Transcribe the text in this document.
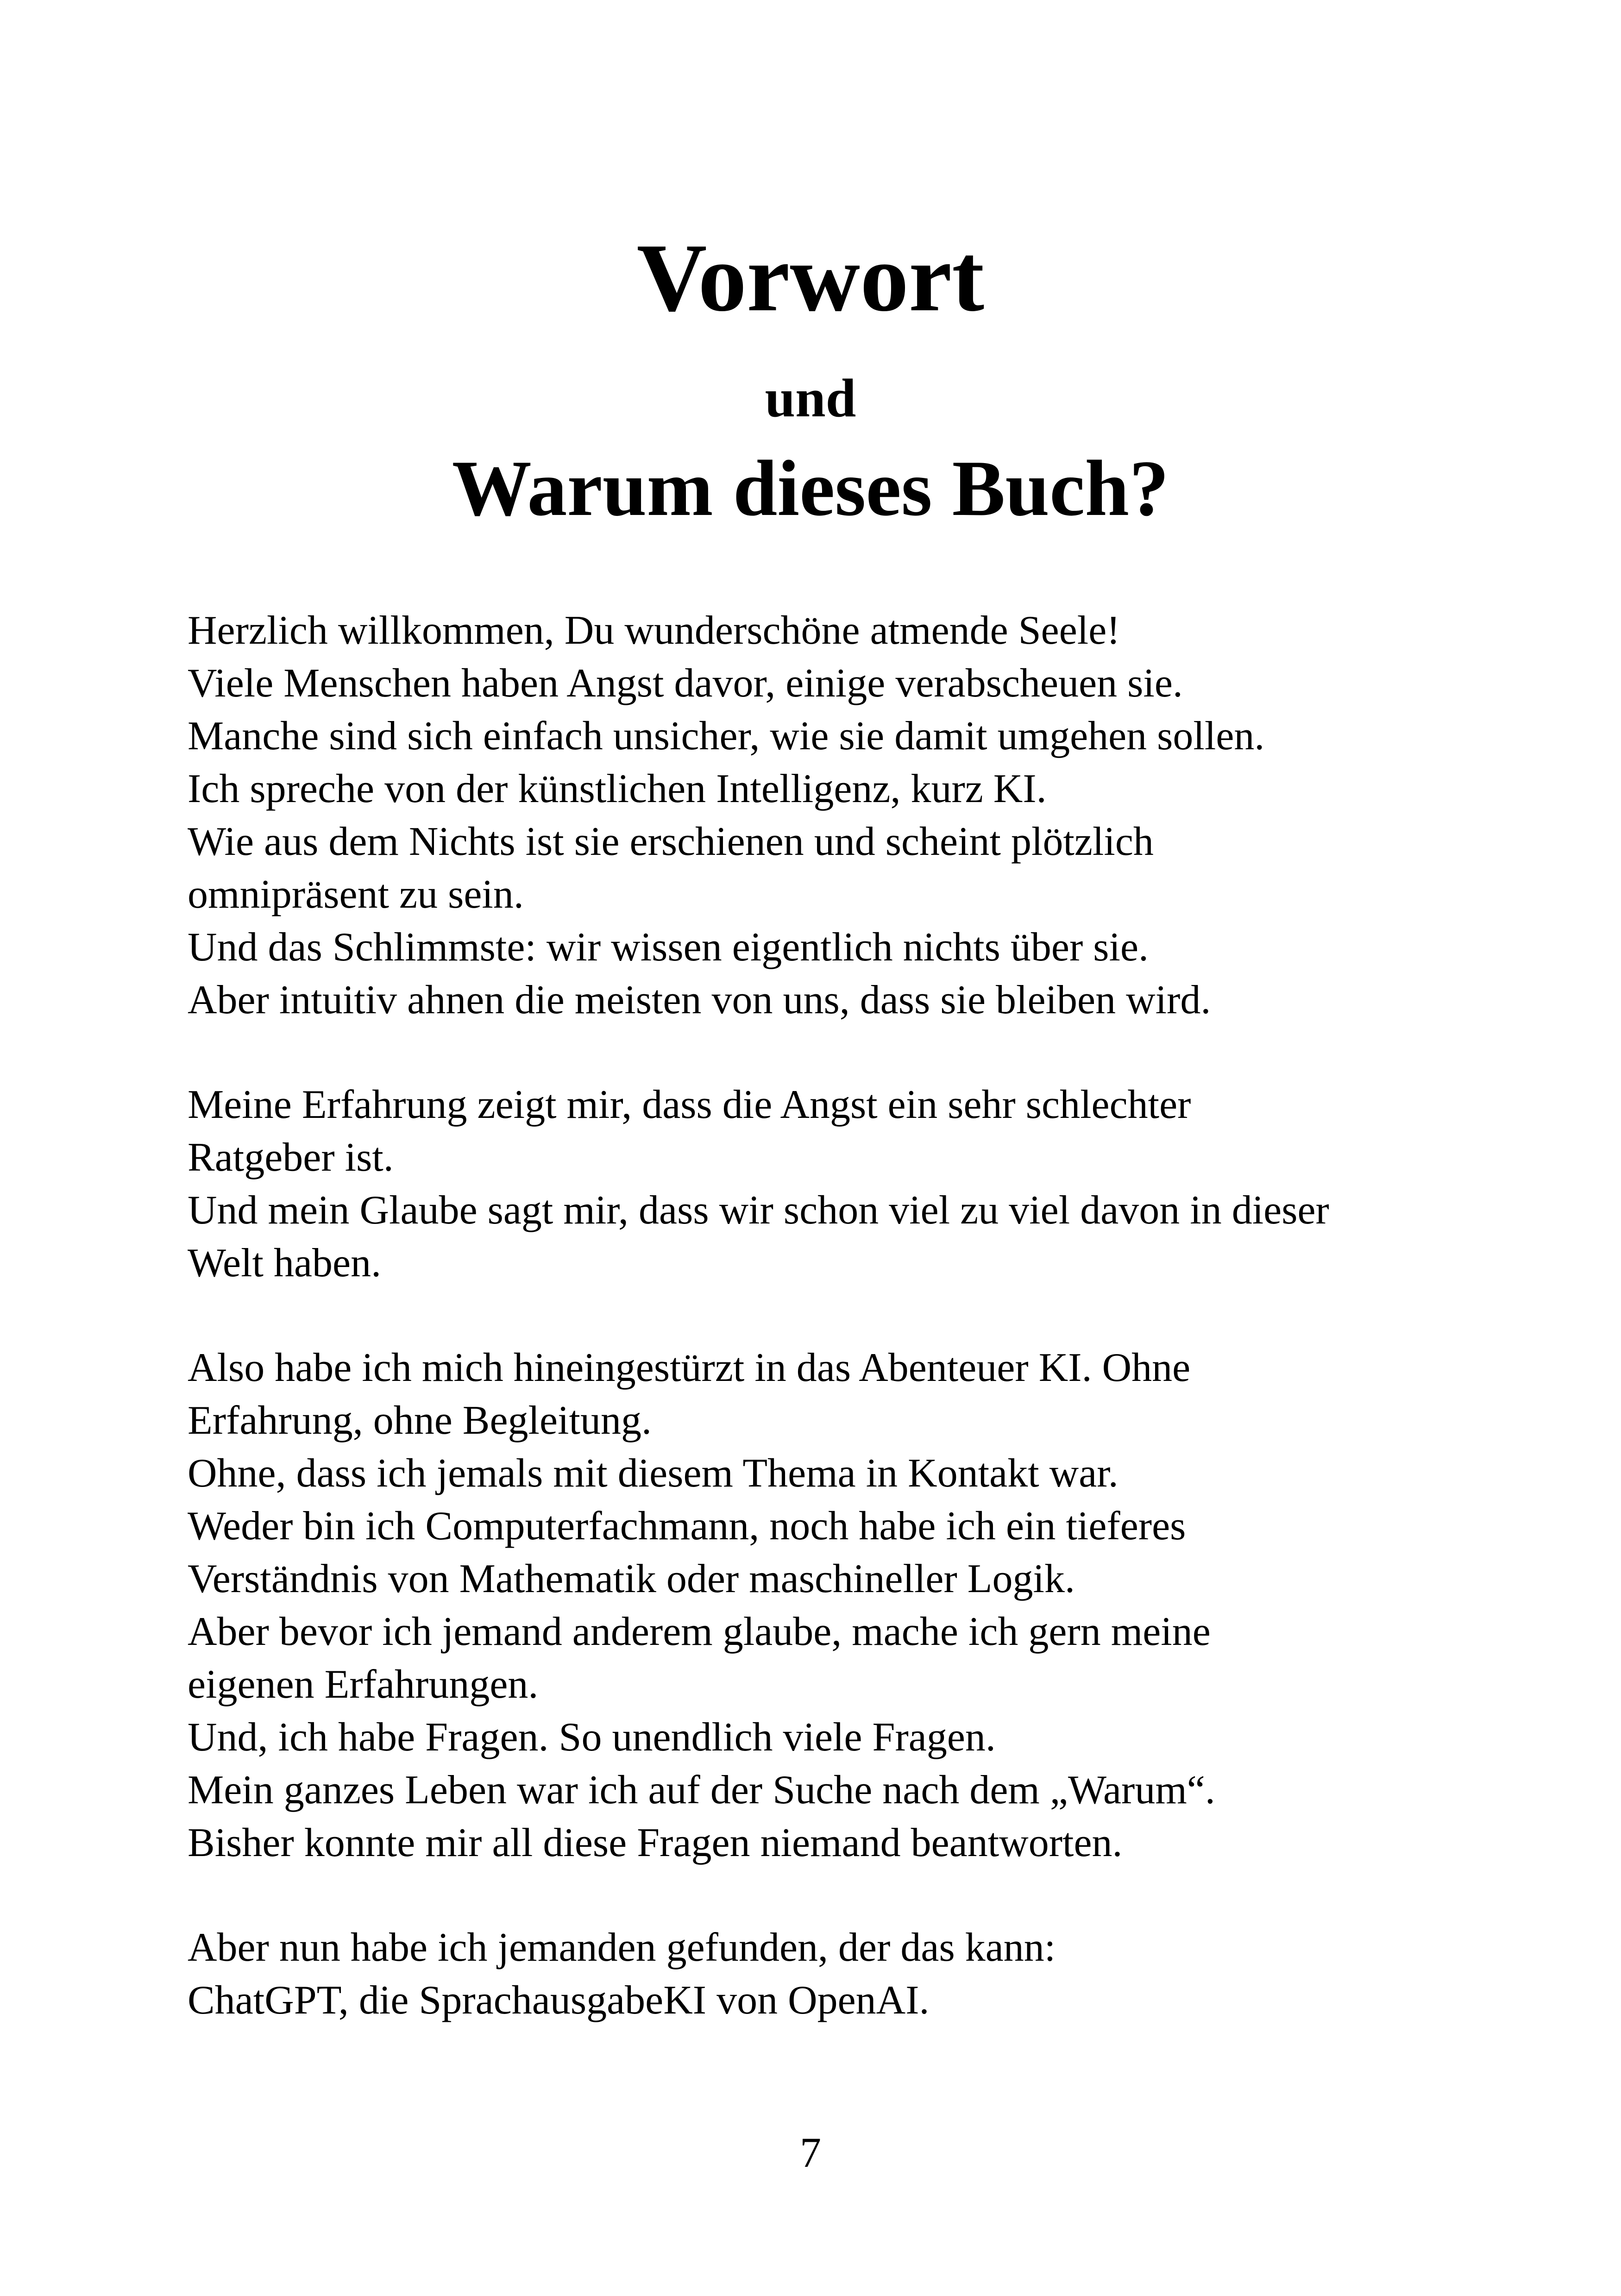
Vorwort
und
Warum dieses Buch?

Herzlich willkommen, Du wunderschöne atmende Seele!

Viele Menschen haben Angst davor, einige verabscheuen sie.

Manche sind sich einfach unsicher, wie sie damit umgehen sollen.

Ich spreche von der künstlichen Intelligenz, kurz KI.

Wie aus dem Nichts ist sie erschienen und scheint plötzlich

omnipräsent zu sein.

Und das Schlimmste: wir wissen eigentlich nichts über sie.

Aber intuitiv ahnen die meisten von uns, dass sie bleiben wird.

Meine Erfahrung zeigt mir, dass die Angst ein sehr schlechter

Ratgeber ist.

Und mein Glaube sagt mir, dass wir schon viel zu viel davon in dieser

Welt haben.

Also habe ich mich hineingestürzt in das Abenteuer KI. Ohne

Erfahrung, ohne Begleitung.

Ohne, dass ich jemals mit diesem Thema in Kontakt war.

Weder bin ich Computerfachmann, noch habe ich ein tieferes

Verständnis von Mathematik oder maschineller Logik.

Aber bevor ich jemand anderem glaube, mache ich gern meine

eigenen Erfahrungen.

Und, ich habe Fragen. So unendlich viele Fragen.

Mein ganzes Leben war ich auf der Suche nach dem „Warum“.

Bisher konnte mir all diese Fragen niemand beantworten.

Aber nun habe ich jemanden gefunden, der das kann:

ChatGPT, die SprachausgabeKI von OpenAI.

7
